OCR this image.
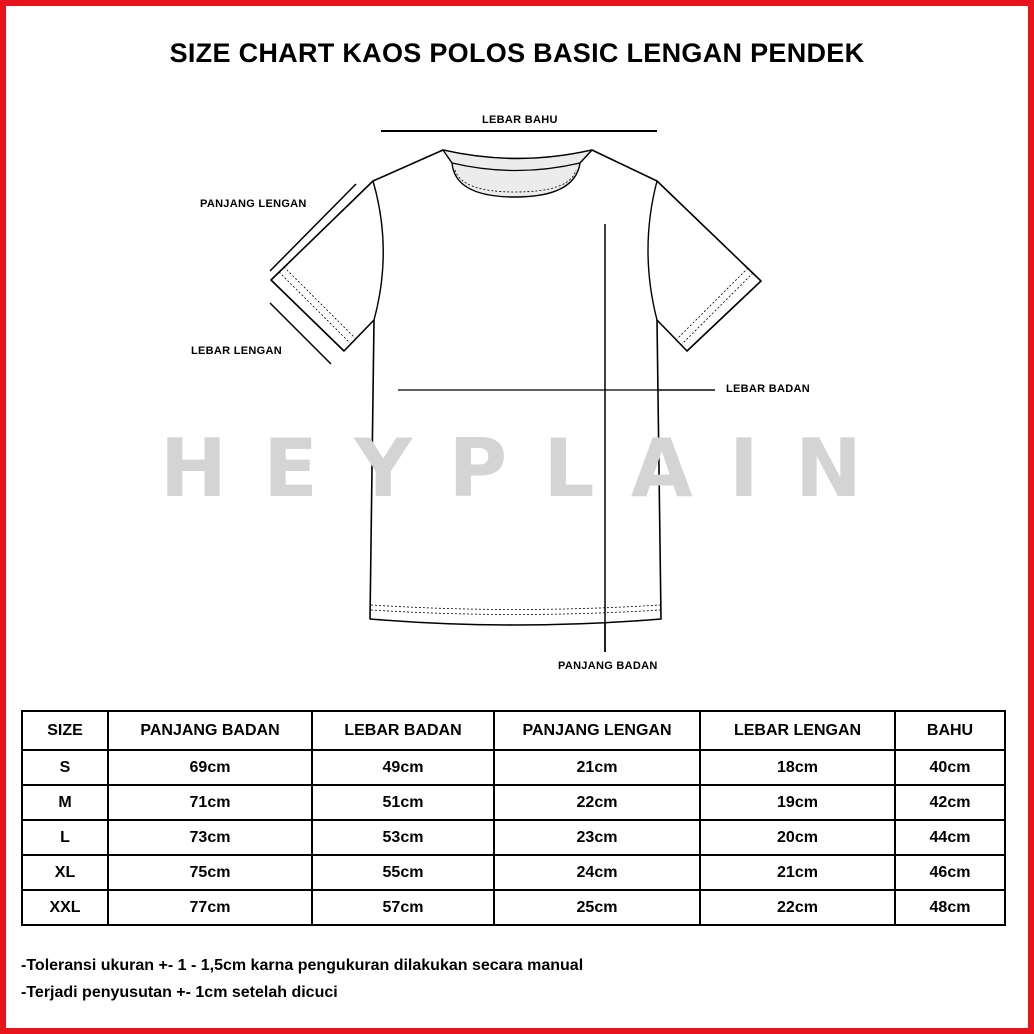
SIZE CHART KAOS POLOS BASIC LENGAN PENDEK
H E Y P L A I N
LEBAR BAHU
PANJANG LENGAN
LEBAR LENGAN
LEBAR BADAN
PANJANG BADAN
SIZE	PANJANG BADAN	LEBAR BADAN	PANJANG LENGAN	LEBAR LENGAN	BAHU
S	69cm	49cm	21cm	18cm	40cm
M	71cm	51cm	22cm	19cm	42cm
L	73cm	53cm	23cm	20cm	44cm
XL	75cm	55cm	24cm	21cm	46cm
XXL	77cm	57cm	25cm	22cm	48cm
-Toleransi ukuran +- 1 - 1,5cm karna pengukuran dilakukan secara manual
-Terjadi penyusutan +- 1cm setelah dicuci
